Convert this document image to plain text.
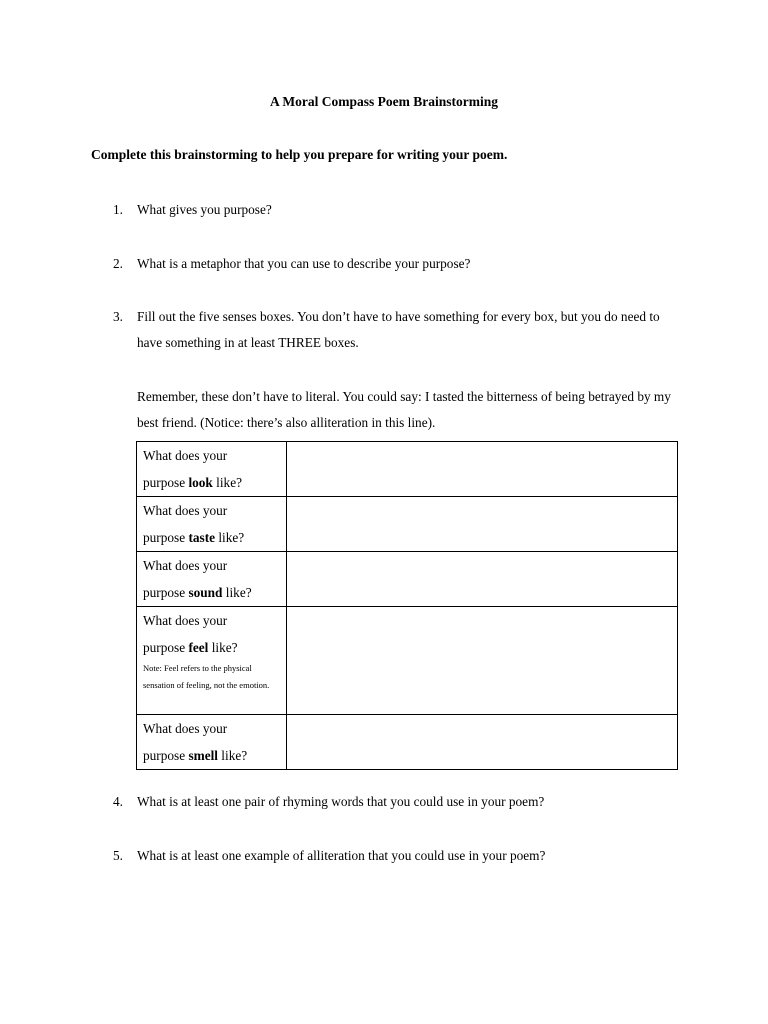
A Moral Compass Poem Brainstorming
Complete this brainstorming to help you prepare for writing your poem.
1.	What gives you purpose?
2.	What is a metaphor that you can use to describe your purpose?
3.	Fill out the five senses boxes. You don’t have to have something for every box, but you do need to have something in at least THREE boxes.

Remember, these don’t have to literal. You could say: I tasted the bitterness of being betrayed by my best friend. (Notice: there’s also alliteration in this line).

What does your
purpose look like?	
What does your
purpose taste like?	
What does your
purpose sound like?	
What does your
purpose feel like?
Note: Feel refers to the physical sensation of feeling, not the emotion.	

What does your
purpose smell like?	
4.	What is at least one pair of rhyming words that you could use in your poem?
5.	What is at least one example of alliteration that you could use in your poem?
